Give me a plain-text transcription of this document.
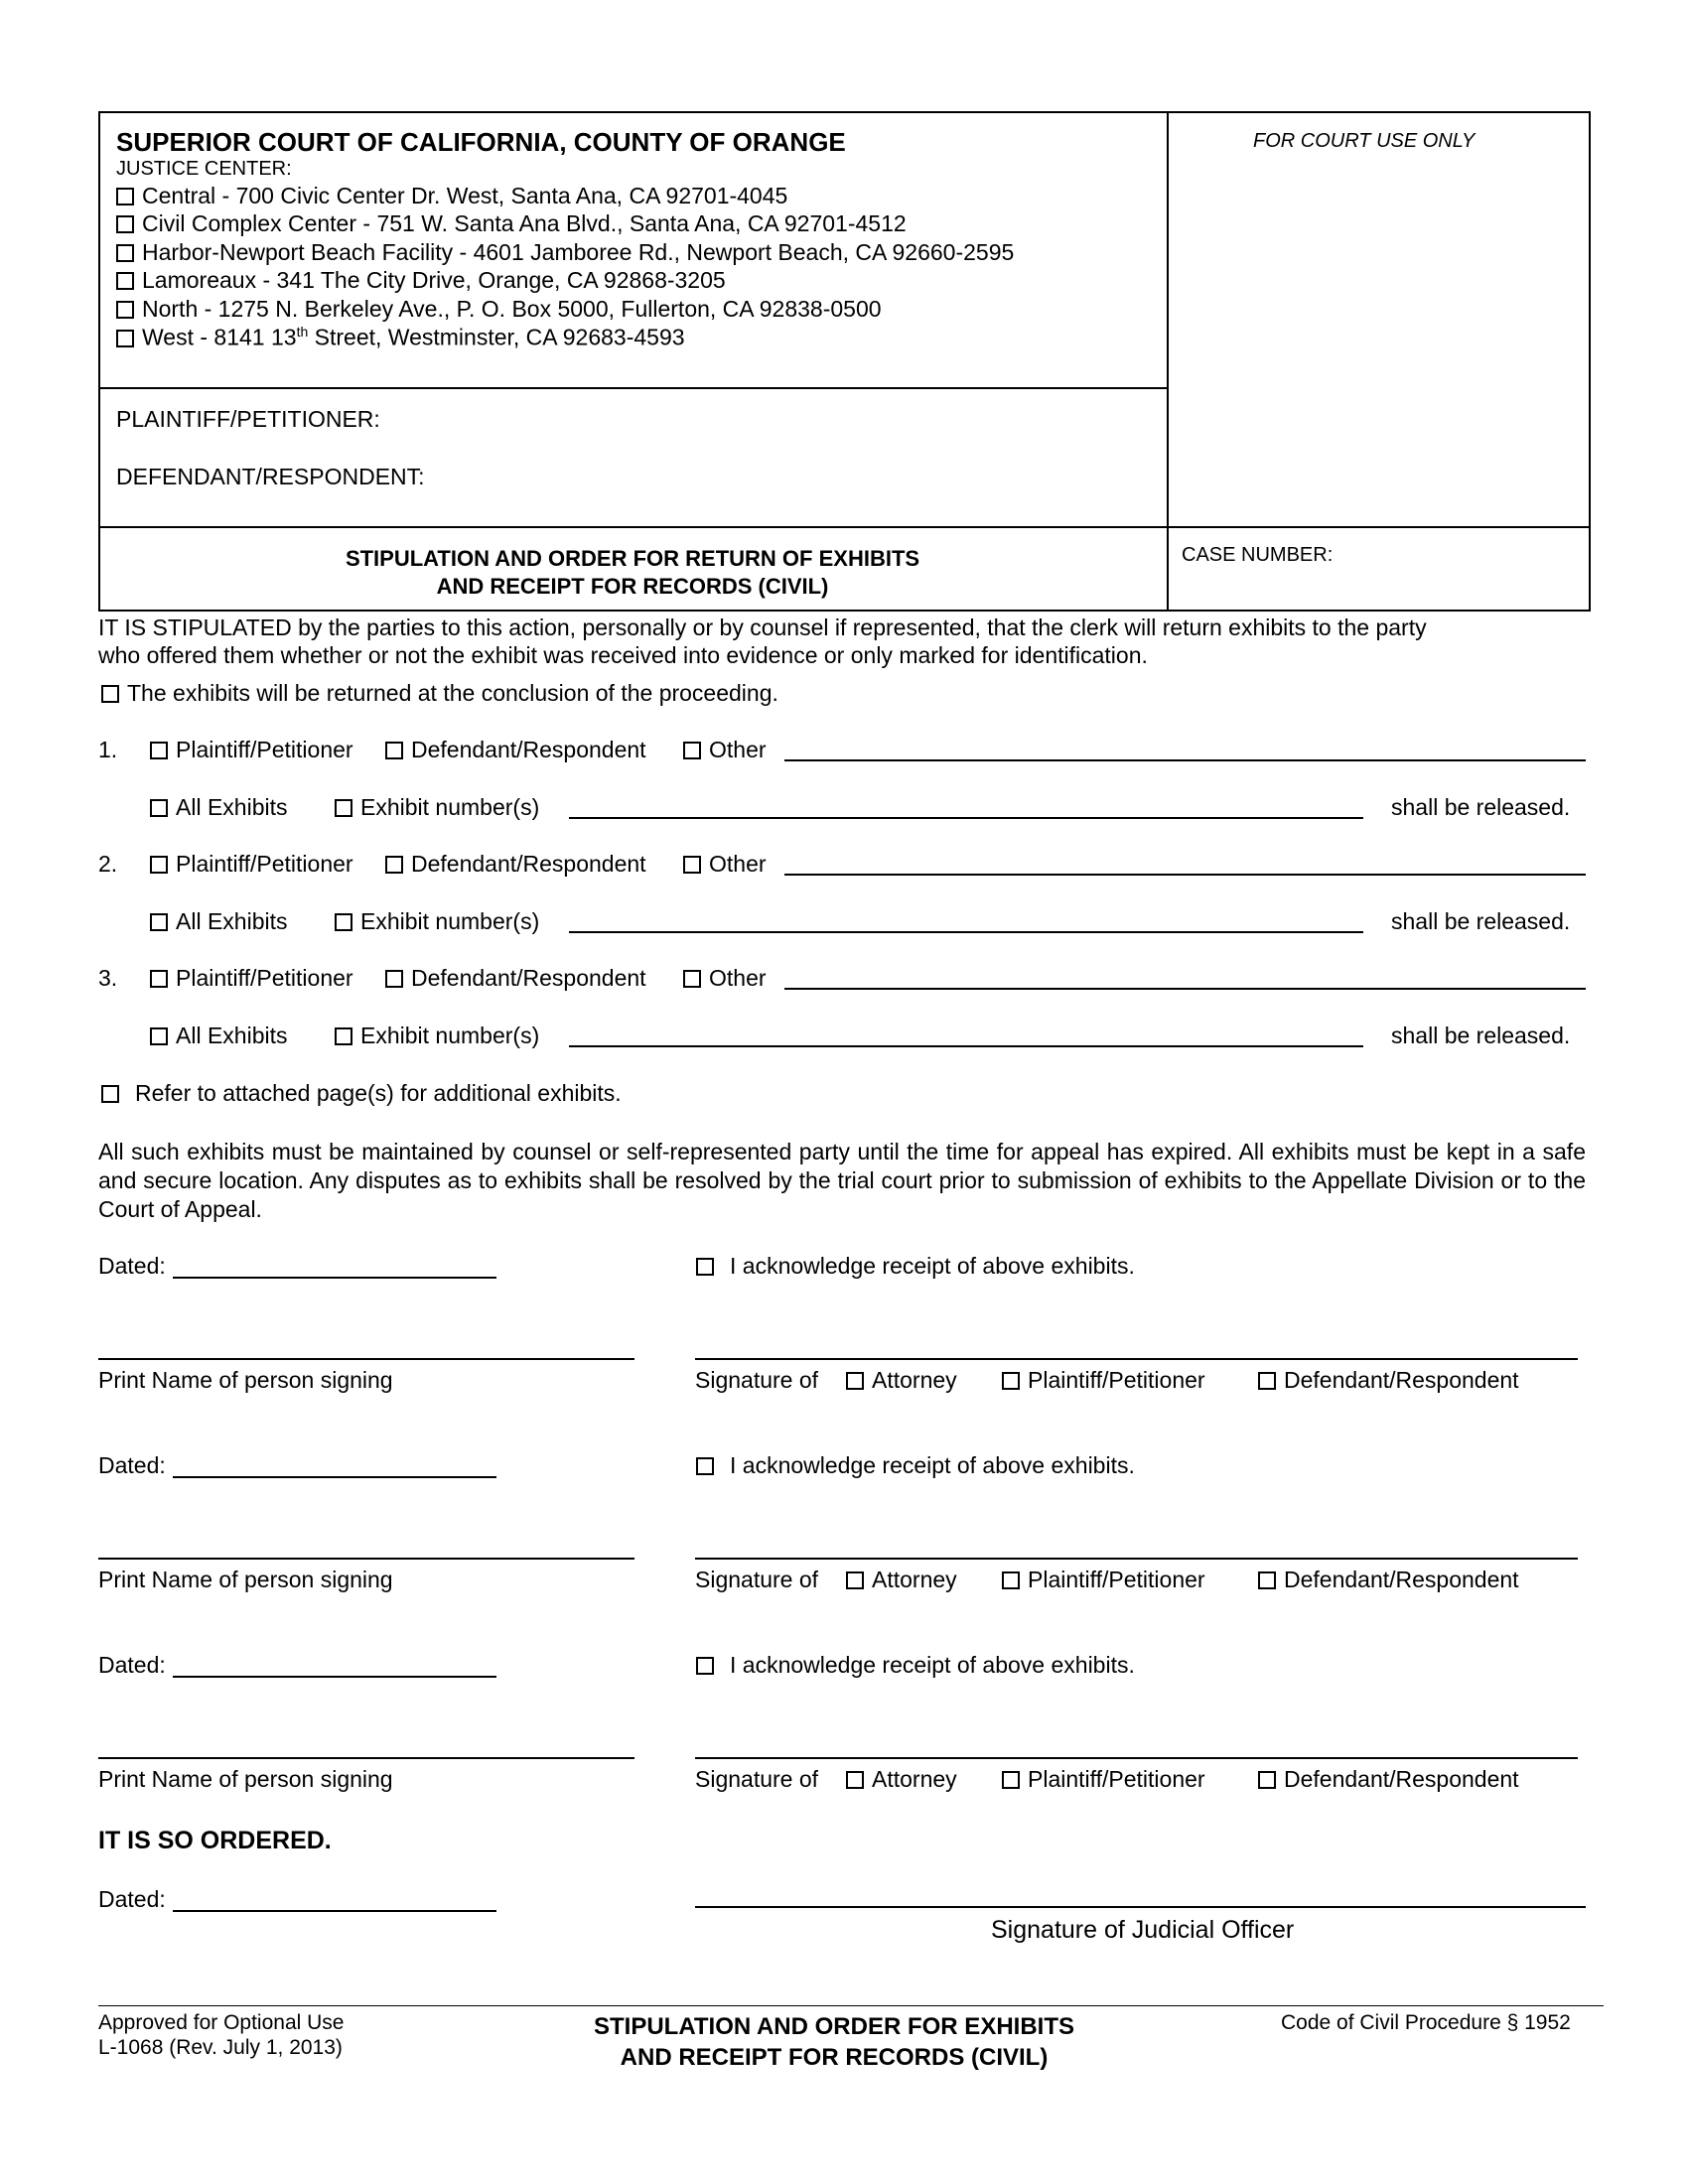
SUPERIOR COURT OF CALIFORNIA, COUNTY OF ORANGE
JUSTICE CENTER:
Central - 700 Civic Center Dr. West, Santa Ana, CA 92701-4045
Civil Complex Center - 751 W. Santa Ana Blvd., Santa Ana, CA 92701-4512
Harbor-Newport Beach Facility - 4601 Jamboree Rd., Newport Beach, CA 92660-2595
Lamoreaux - 341 The City Drive, Orange, CA 92868-3205
North - 1275 N. Berkeley Ave., P. O. Box 5000, Fullerton, CA 92838-0500
West - 8141 13th Street, Westminster, CA 92683-4593
FOR COURT USE ONLY
PLAINTIFF/PETITIONER:
DEFENDANT/RESPONDENT:
STIPULATION AND ORDER FOR RETURN OF EXHIBITS
AND RECEIPT FOR RECORDS (CIVIL)
CASE NUMBER:
IT IS STIPULATED by the parties to this action, personally or by counsel if represented, that the clerk will return exhibits to the party
who offered them whether or not the exhibit was received into evidence or only marked for identification.
The exhibits will be returned at the conclusion of the proceeding.
1.	Plaintiff/Petitioner	Defendant/Respondent	Other
All Exhibits	Exhibit number(s)	shall be released.
2.	Plaintiff/Petitioner	Defendant/Respondent	Other
All Exhibits	Exhibit number(s)	shall be released.
3.	Plaintiff/Petitioner	Defendant/Respondent	Other
All Exhibits	Exhibit number(s)	shall be released.
Refer to attached page(s) for additional exhibits.
All such exhibits must be maintained by counsel or self-represented party until the time for appeal has expired. All exhibits must be kept in a safe and secure location. Any disputes as to exhibits shall be resolved by the trial court prior to submission of exhibits to the Appellate Division or to the Court of Appeal.
Dated:	I acknowledge receipt of above exhibits.
Print Name of person signing	Signature of	Attorney	Plaintiff/Petitioner	Defendant/Respondent
Dated:	I acknowledge receipt of above exhibits.
Print Name of person signing	Signature of	Attorney	Plaintiff/Petitioner	Defendant/Respondent
Dated:	I acknowledge receipt of above exhibits.
Print Name of person signing	Signature of	Attorney	Plaintiff/Petitioner	Defendant/Respondent
IT IS SO ORDERED.
Dated:
Signature of Judicial Officer
Approved for Optional Use
L-1068 (Rev. July 1, 2013)
STIPULATION AND ORDER FOR EXHIBITS
AND RECEIPT FOR RECORDS (CIVIL)
Code of Civil Procedure § 1952
